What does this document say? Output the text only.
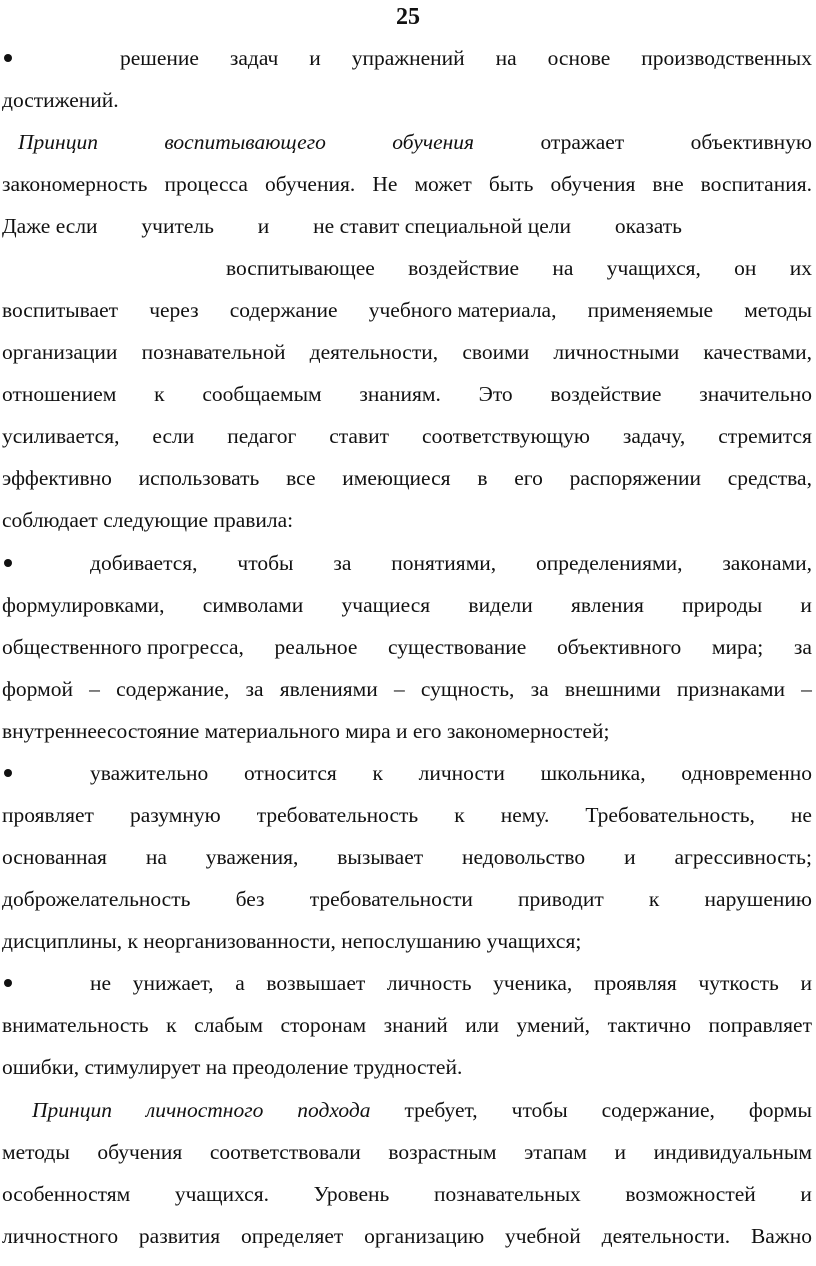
25
решение задач и упражнений на основе производственных
достижений.
Принцип	воспитывающего	обучения	отражает	объективную
закономерность процесса обучения. Не может быть обучения вне воспитания.
Даже если учитель и не ставит специальной цели оказать
воспитывающее воздействие на учащихся, он их
воспитывает через содержание учебного материала, применяемые методы
организации познавательной деятельности, своими личностными качествами,
отношением к сообщаемым знаниям. Это воздействие значительно
усиливается, если педагог ставит соответствующую задачу, стремится
эффективно использовать все имеющиеся в его распоряжении средства,
соблюдает следующие правила:
добивается, чтобы за понятиями, определениями, законами,
формулировками, символами учащиеся видели явления природы и
общественного прогресса, реальное существование объективного мира; за
формой – содержание, за явлениями – сущность, за внешними признаками –
внутреннеесостояние материального мира и его закономерностей;
уважительно относится к личности школьника, одновременно
проявляет разумную требовательность к нему. Требовательность, не
основанная на уважения, вызывает недовольство и агрессивность;
доброжелательность без требовательности приводит к нарушению
дисциплины, к неорганизованности, непослушанию учащихся;
не унижает, а возвышает личность ученика, проявляя чуткость и
внимательность к слабым сторонам знаний или умений, тактично поправляет
ошибки, стимулирует на преодоление трудностей.
Принцип личностного подхода требует, чтобы содержание, формы
методы обучения соответствовали возрастным этапам и индивидуальным
особенностям учащихся. Уровень познавательных возможностей и
личностного развития определяет организацию учебной деятельности. Важно
